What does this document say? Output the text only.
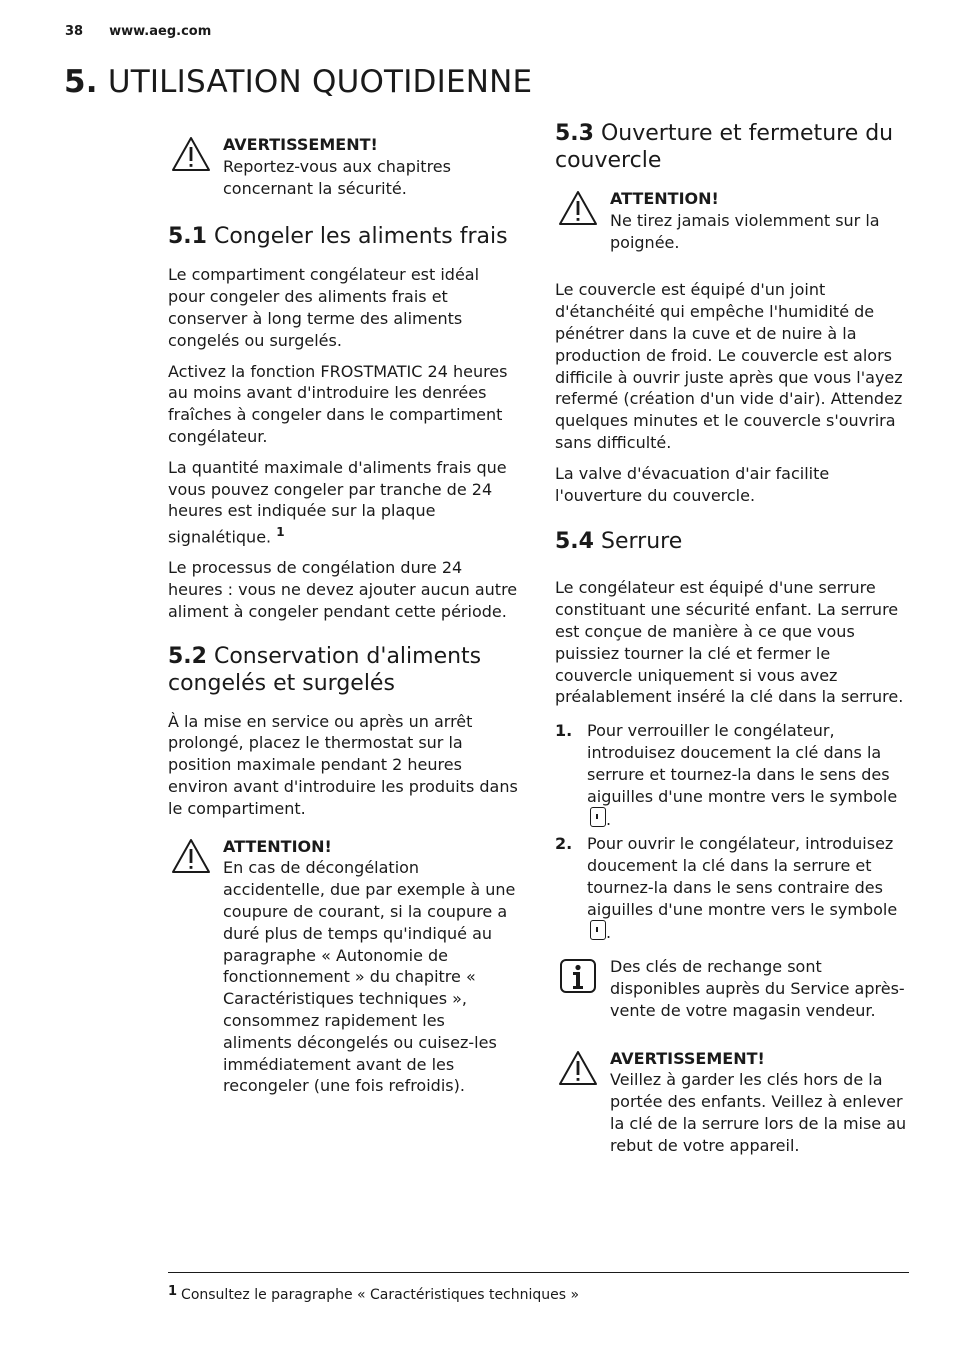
38 www.aeg.com
5. UTILISATION QUOTIDIENNE
AVERTISSEMENT!
Reportez-vous aux chapitres concernant la sécurité.
5.1 Congeler les aliments frais

Le compartiment congélateur est idéal pour congeler des aliments frais et conserver à long terme des aliments congelés ou surgelés.

Activez la fonction FROSTMATIC 24 heures au moins avant d'introduire les denrées fraîches à congeler dans le compartiment congélateur.

La quantité maximale d'aliments frais que vous pouvez congeler par tranche de 24 heures est indiquée sur la plaque signalétique. $^1$

Le processus de congélation dure 24 heures : vous ne devez ajouter aucun autre aliment à congeler pendant cette période.

5.2 Conservation d'aliments congelés et surgelés

À la mise en service ou après un arrêt prolongé, placez le thermostat sur la position maximale pendant 2 heures environ avant d'introduire les produits dans le compartiment.

ATTENTION!
En cas de décongélation accidentelle, due par exemple à une coupure de courant, si la coupure a duré plus de temps qu'indiqué au paragraphe « Autonomie de fonctionnement » du chapitre « Caractéristiques techniques », consommez rapidement les aliments décongelés ou cuisez-les immédiatement avant de les recongeler (une fois refroidis).
5.3 Ouverture et fermeture du couvercle
ATTENTION!
Ne tirez jamais violemment sur la poignée.

Le couvercle est équipé d'un joint d'étanchéité qui empêche l'humidité de pénétrer dans la cuve et de nuire à la production de froid. Le couvercle est alors difficile à ouvrir juste après que vous l'ayez refermé (création d'un vide d'air). Attendez quelques minutes et le couvercle s'ouvrira sans difficulté.

La valve d'évacuation d'air facilite l'ouverture du couvercle.

5.4 Serrure

Le congélateur est équipé d'une serrure constituant une sécurité enfant. La serrure est conçue de manière à ce que vous puissiez tourner la clé et fermer le couvercle uniquement si vous avez préalablement inséré la clé dans la serrure.

1. Pour verrouiller le congélateur, introduisez doucement la clé dans la serrure et tournez-la dans le sens des aiguilles d'une montre vers le symbole .
2. Pour ouvrir le congélateur, introduisez doucement la clé dans la serrure et tournez-la dans le sens contraire des aiguilles d'une montre vers le symbole .
Des clés de rechange sont disponibles auprès du Service après-vente de votre magasin vendeur.
AVERTISSEMENT!
Veillez à garder les clés hors de la portée des enfants. Veillez à enlever la clé de la serrure lors de la mise au rebut de votre appareil.
1 Consultez le paragraphe « Caractéristiques techniques »
